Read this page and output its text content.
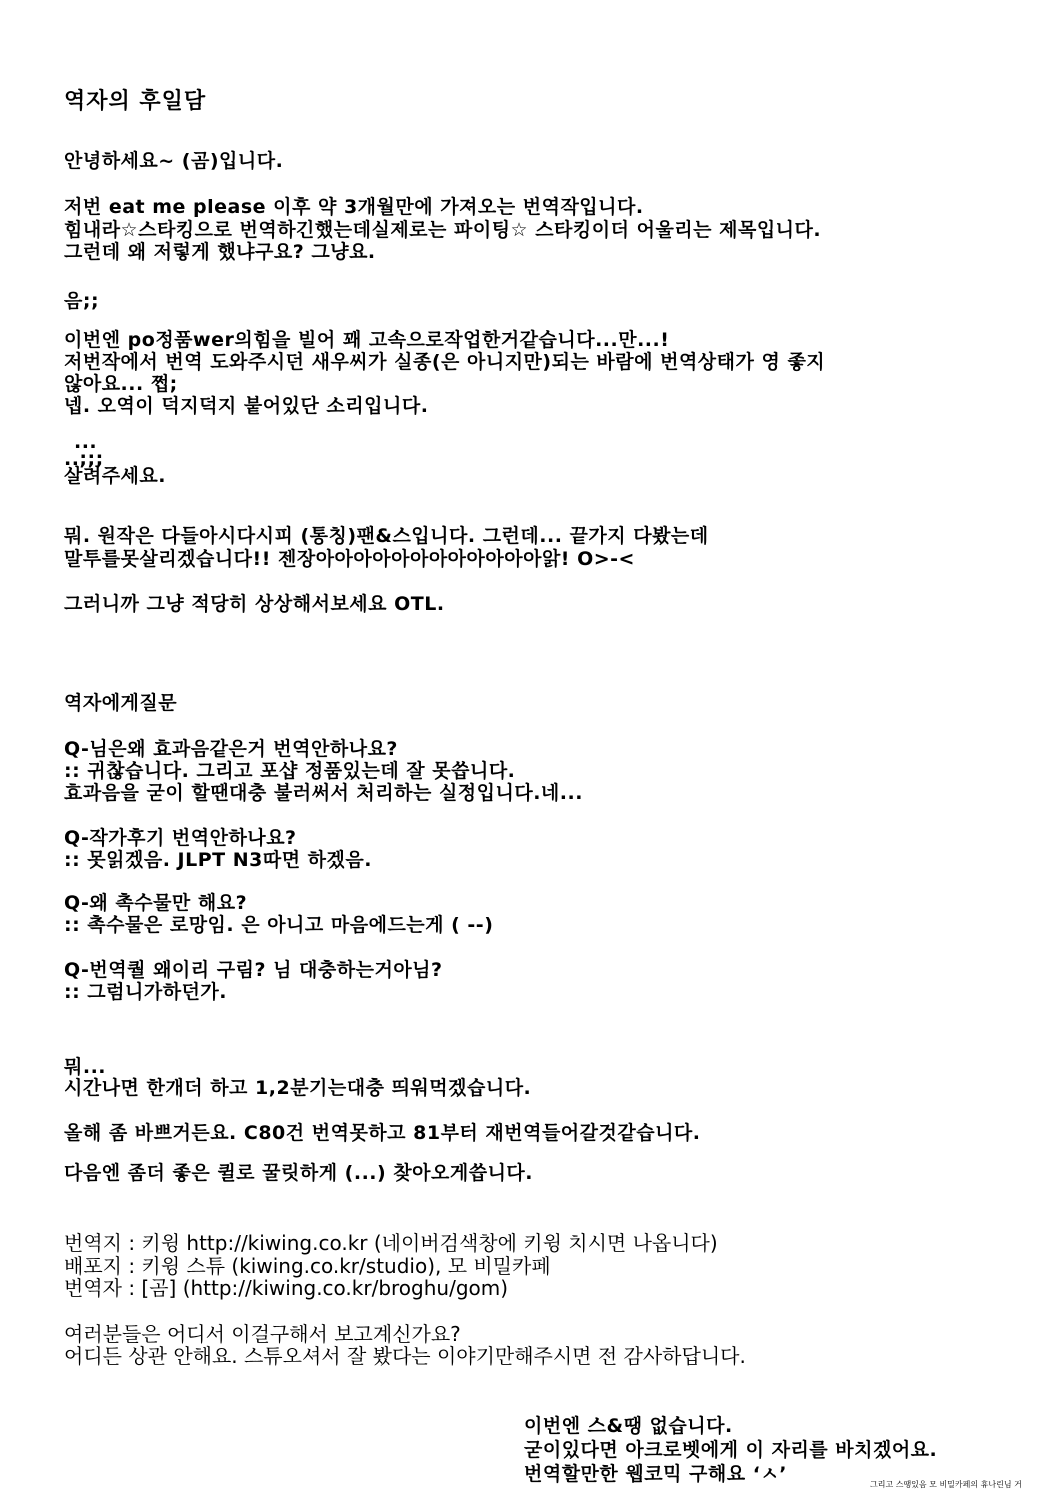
역자의 후일담
안녕하세요~ (곰)입니다.
저번 eat me please 이후 약 3개월만에 가져오는 번역작입니다.
힘내라☆스타킹으로 번역하긴했는데실제로는 파이팅☆ 스타킹이더 어울리는 제목입니다.
그런데 왜 저렇게 했냐구요? 그냥요.
음;;
이번엔 po정품wer의힘을 빌어 꽤 고속으로작업한거같습니다...만...!
저번작에서 번역 도와주시던 새우씨가 실종(은 아니지만)되는 바람에 번역상태가 영 좋지
않아요... 쩝;
넵. 오역이 덕지덕지 붙어있단 소리입니다.
...
..;;;
살려주세요.
뭐. 원작은 다들아시다시피 (통칭)팬&스입니다. 그런데... 끝가지 다봤는데
말투를못살리겠습니다!! 젠장아아아아아아아아아아아아앍! O>-<
그러니까 그냥 적당히 상상해서보세요 OTL.
역자에게질문
Q-님은왜 효과음같은거 번역안하나요?
:: 귀찮습니다. 그리고 포샵 정품있는데 잘 못씁니다.
효과음을 굳이 할땐대충 불러써서 처리하는 실정입니다.네...
Q-작가후기 번역안하나요?
:: 못읽겠음. JLPT N3따면 하겠음.
Q-왜 촉수물만 해요?
:: 촉수물은 로망임. 은 아니고 마음에드는게 ( --)
Q-번역퀄 왜이리 구림? 님 대충하는거아님?
:: 그럼니가하던가.
뭐...
시간나면 한개더 하고 1,2분기는대충 띄워먹겠습니다.
올해 좀 바쁘거든요. C80건 번역못하고 81부터 재번역들어갈것같습니다.
다음엔 좀더 좋은 퀼로 꿀릿하게 (...) 찾아오게씁니다.
번역지 : 키윙 http://kiwing.co.kr (네이버검색창에 키윙 치시면 나옵니다)
배포지 : 키윙 스튜 (kiwing.co.kr/studio), 모 비밀카페
번역자 : [곰] (http://kiwing.co.kr/broghu/gom)
여러분들은 어디서 이걸구해서 보고계신가요?
어디든 상관 안해요. 스튜오셔서 잘 봤다는 이야기만해주시면 전 감사하답니다.
이번엔 스&땡 없습니다.
굳이있다면 아크로벳에게 이 자리를 바치겠어요.
번역할만한 웹코믹 구해요 ‘ㅅ’	그리고 스땡있음 모 비밀카페의 휴나린님 거
